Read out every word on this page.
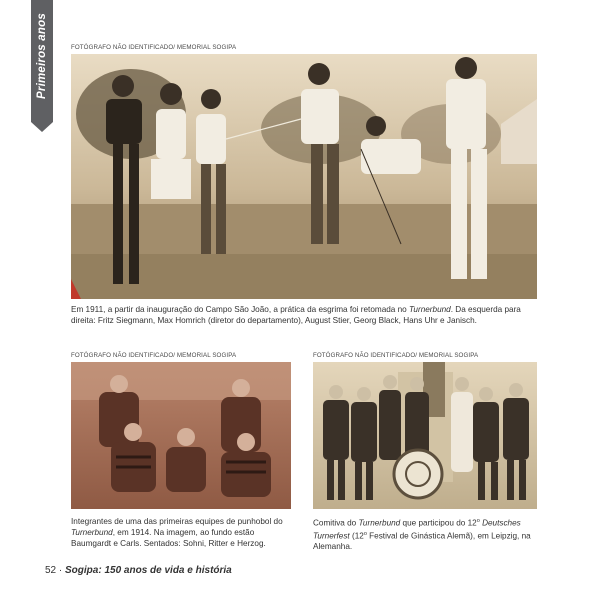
Primeiros anos	FOTÓGRAFO NÃO IDENTIFICADO/ MEMORIAL SOGIPA
Em 1911, a partir da inauguração do Campo São João, a prática da esgrima foi retomada no Turnerbund. Da esquerda para direita: Fritz Siegmann, Max Homrich (diretor do departamento), August Stier, Georg Black, Hans Uhr e Janisch.
FOTÓGRAFO NÃO IDENTIFICADO/ MEMORIAL SOGIPA
Integrantes de uma das primeiras equipes de punhobol do Turnerbund, em 1914. Na imagem, ao fundo estão Baumgardt e Carls. Sentados: Sohni, Ritter e Herzog.
FOTÓGRAFO NÃO IDENTIFICADO/ MEMORIAL SOGIPA
Comitiva do Turnerbund que participou do 12$^o$ Deutsches Turnerfest (12$^o$ Festival de Ginástica Alemã), em Leipzig, na Alemanha.
52 · Sogipa: 150 anos de vida e história
